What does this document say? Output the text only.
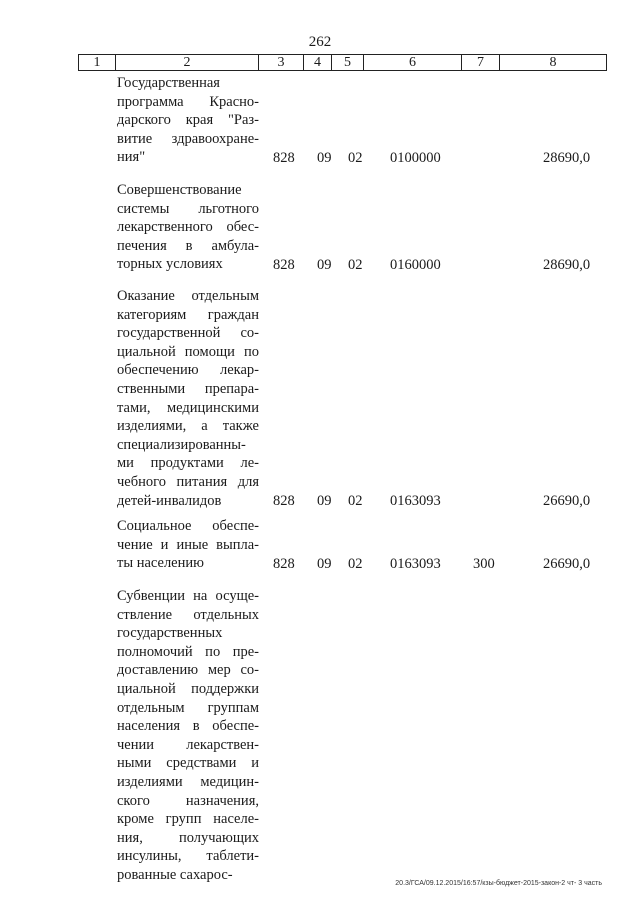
262
1	2	3	4	5	6	7	8
Государственная
программа Красно-
дарского края "Раз-
витие здравоохране-
ния"	828 09 02 0100000	28690,0
Совершенствование
системы льготного
лекарственного обес-
печения в амбула-
торных условиях	828 09 02 0160000	28690,0
Оказание отдельным
категориям граждан
государственной со-
циальной помощи по
обеспечению лекар-
ственными препара-
тами, медицинскими
изделиями, а также
специализированны-
ми продуктами ле-
чебного питания для
детей-инвалидов	828 09 02 0163093	26690,0
Социальное обеспе-
чение и иные выпла-
ты населению	828 09 02 0163093 300	26690,0
Субвенции на осуще-
ствление отдельных
государственных
полномочий по пре-
доставлению мер со-
циальной поддержки
отдельным группам
населения в обеспе-
чении лекарствен-
ными средствами и
изделиями медицин-
ского назначения,
кроме групп населе-
ния, получающих
инсулины, таблети-
рованные сахарос-
20.3/ГСА/09.12.2015/16:57/кзы-бюджет-2015-закон-2 чт- 3 часть
